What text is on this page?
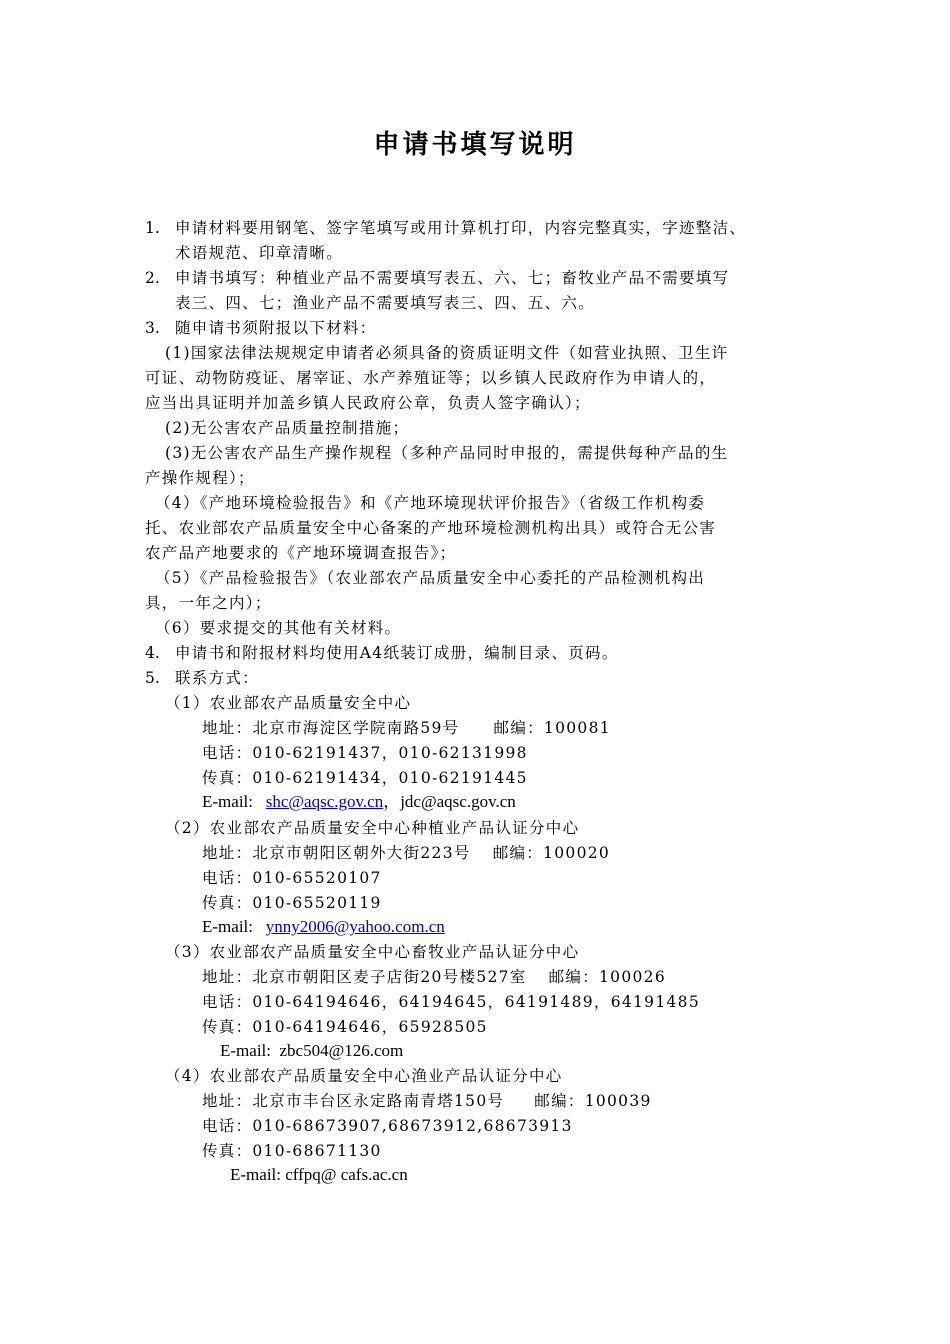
申请书填写说明
1. 申请材料要用钢笔、签字笔填写或用计算机打印，内容完整真实，字迹整洁、
术语规范、印章清晰。
2. 申请书填写：种植业产品不需要填写表五、六、七；畜牧业产品不需要填写
表三、四、七；渔业产品不需要填写表三、四、五、六。
3. 随申请书须附报以下材料：
(1)国家法律法规规定申请者必须具备的资质证明文件（如营业执照、卫生许
可证、动物防疫证、屠宰证、水产养殖证等；以乡镇人民政府作为申请人的，
应当出具证明并加盖乡镇人民政府公章，负责人签字确认）；
(2)无公害农产品质量控制措施；
(3)无公害农产品生产操作规程（多种产品同时申报的，需提供每种产品的生
产操作规程）；
（4）《产地环境检验报告》和《产地环境现状评价报告》（省级工作机构委
托、农业部农产品质量安全中心备案的产地环境检测机构出具）或符合无公害
农产品产地要求的《产地环境调查报告》；
（5）《产品检验报告》（农业部农产品质量安全中心委托的产品检测机构出
具，一年之内）；
（6）要求提交的其他有关材料。
4. 申请书和附报材料均使用A4纸装订成册，编制目录、页码。
5. 联系方式：
（1）农业部农产品质量安全中心
地址：北京市海淀区学院南路59号 邮编：100081
电话：010-62191437，010-62131998
传真：010-62191434，010-62191445
E-mail: shc@aqsc.gov.cn，jdc@aqsc.gov.cn
（2）农业部农产品质量安全中心种植业产品认证分中心
地址：北京市朝阳区朝外大街223号 邮编：100020
电话：010-65520107
传真：010-65520119
E-mail: ynny2006@yahoo.com.cn
（3）农业部农产品质量安全中心畜牧业产品认证分中心
地址：北京市朝阳区麦子店街20号楼527室 邮编：100026
电话：010-64194646，64194645，64191489，64191485
传真：010-64194646，65928505
E-mail: zbc504@126.com
（4）农业部农产品质量安全中心渔业产品认证分中心
地址：北京市丰台区永定路南青塔150号 邮编：100039
电话：010-68673907,68673912,68673913
传真：010-68671130
E-mail: cffpq@ cafs.ac.cn
